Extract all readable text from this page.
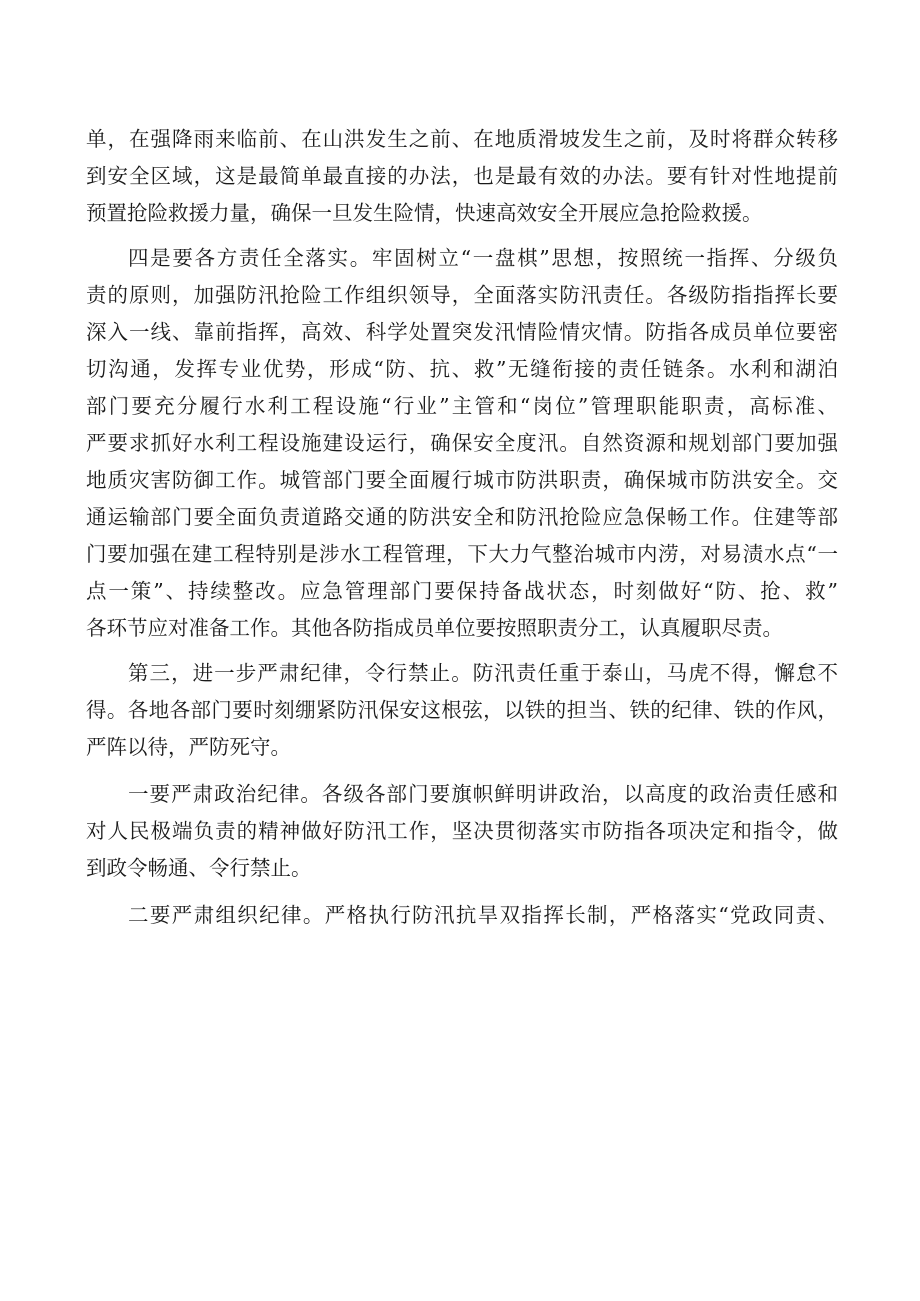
单，在强降雨来临前、在山洪发生之前、在地质滑坡发生之前，及时将群众转移
到安全区域，这是最简单最直接的办法，也是最有效的办法。要有针对性地提前
预置抢险救援力量，确保一旦发生险情，快速高效安全开展应急抢险救援。
四是要各方责任全落实。牢固树立“一盘棋”思想，按照统一指挥、分级负
责的原则，加强防汛抢险工作组织领导，全面落实防汛责任。各级防指指挥长要
深入一线、靠前指挥，高效、科学处置突发汛情险情灾情。防指各成员单位要密
切沟通，发挥专业优势，形成“防、抗、救”无缝衔接的责任链条。水利和湖泊
部门要充分履行水利工程设施“行业”主管和“岗位”管理职能职责，高标准、
严要求抓好水利工程设施建设运行，确保安全度汛。自然资源和规划部门要加强
地质灾害防御工作。城管部门要全面履行城市防洪职责，确保城市防洪安全。交
通运输部门要全面负责道路交通的防洪安全和防汛抢险应急保畅工作。住建等部
门要加强在建工程特别是涉水工程管理，下大力气整治城市内涝，对易渍水点“一
点一策”、持续整改。应急管理部门要保持备战状态，时刻做好“防、抢、救”
各环节应对准备工作。其他各防指成员单位要按照职责分工，认真履职尽责。
第三，进一步严肃纪律，令行禁止。防汛责任重于泰山，马虎不得，懈怠不
得。各地各部门要时刻绷紧防汛保安这根弦，以铁的担当、铁的纪律、铁的作风，
严阵以待，严防死守。
一要严肃政治纪律。各级各部门要旗帜鲜明讲政治，以高度的政治责任感和
对人民极端负责的精神做好防汛工作，坚决贯彻落实市防指各项决定和指令，做
到政令畅通、令行禁止。
二要严肃组织纪律。严格执行防汛抗旱双指挥长制，严格落实“党政同责、
